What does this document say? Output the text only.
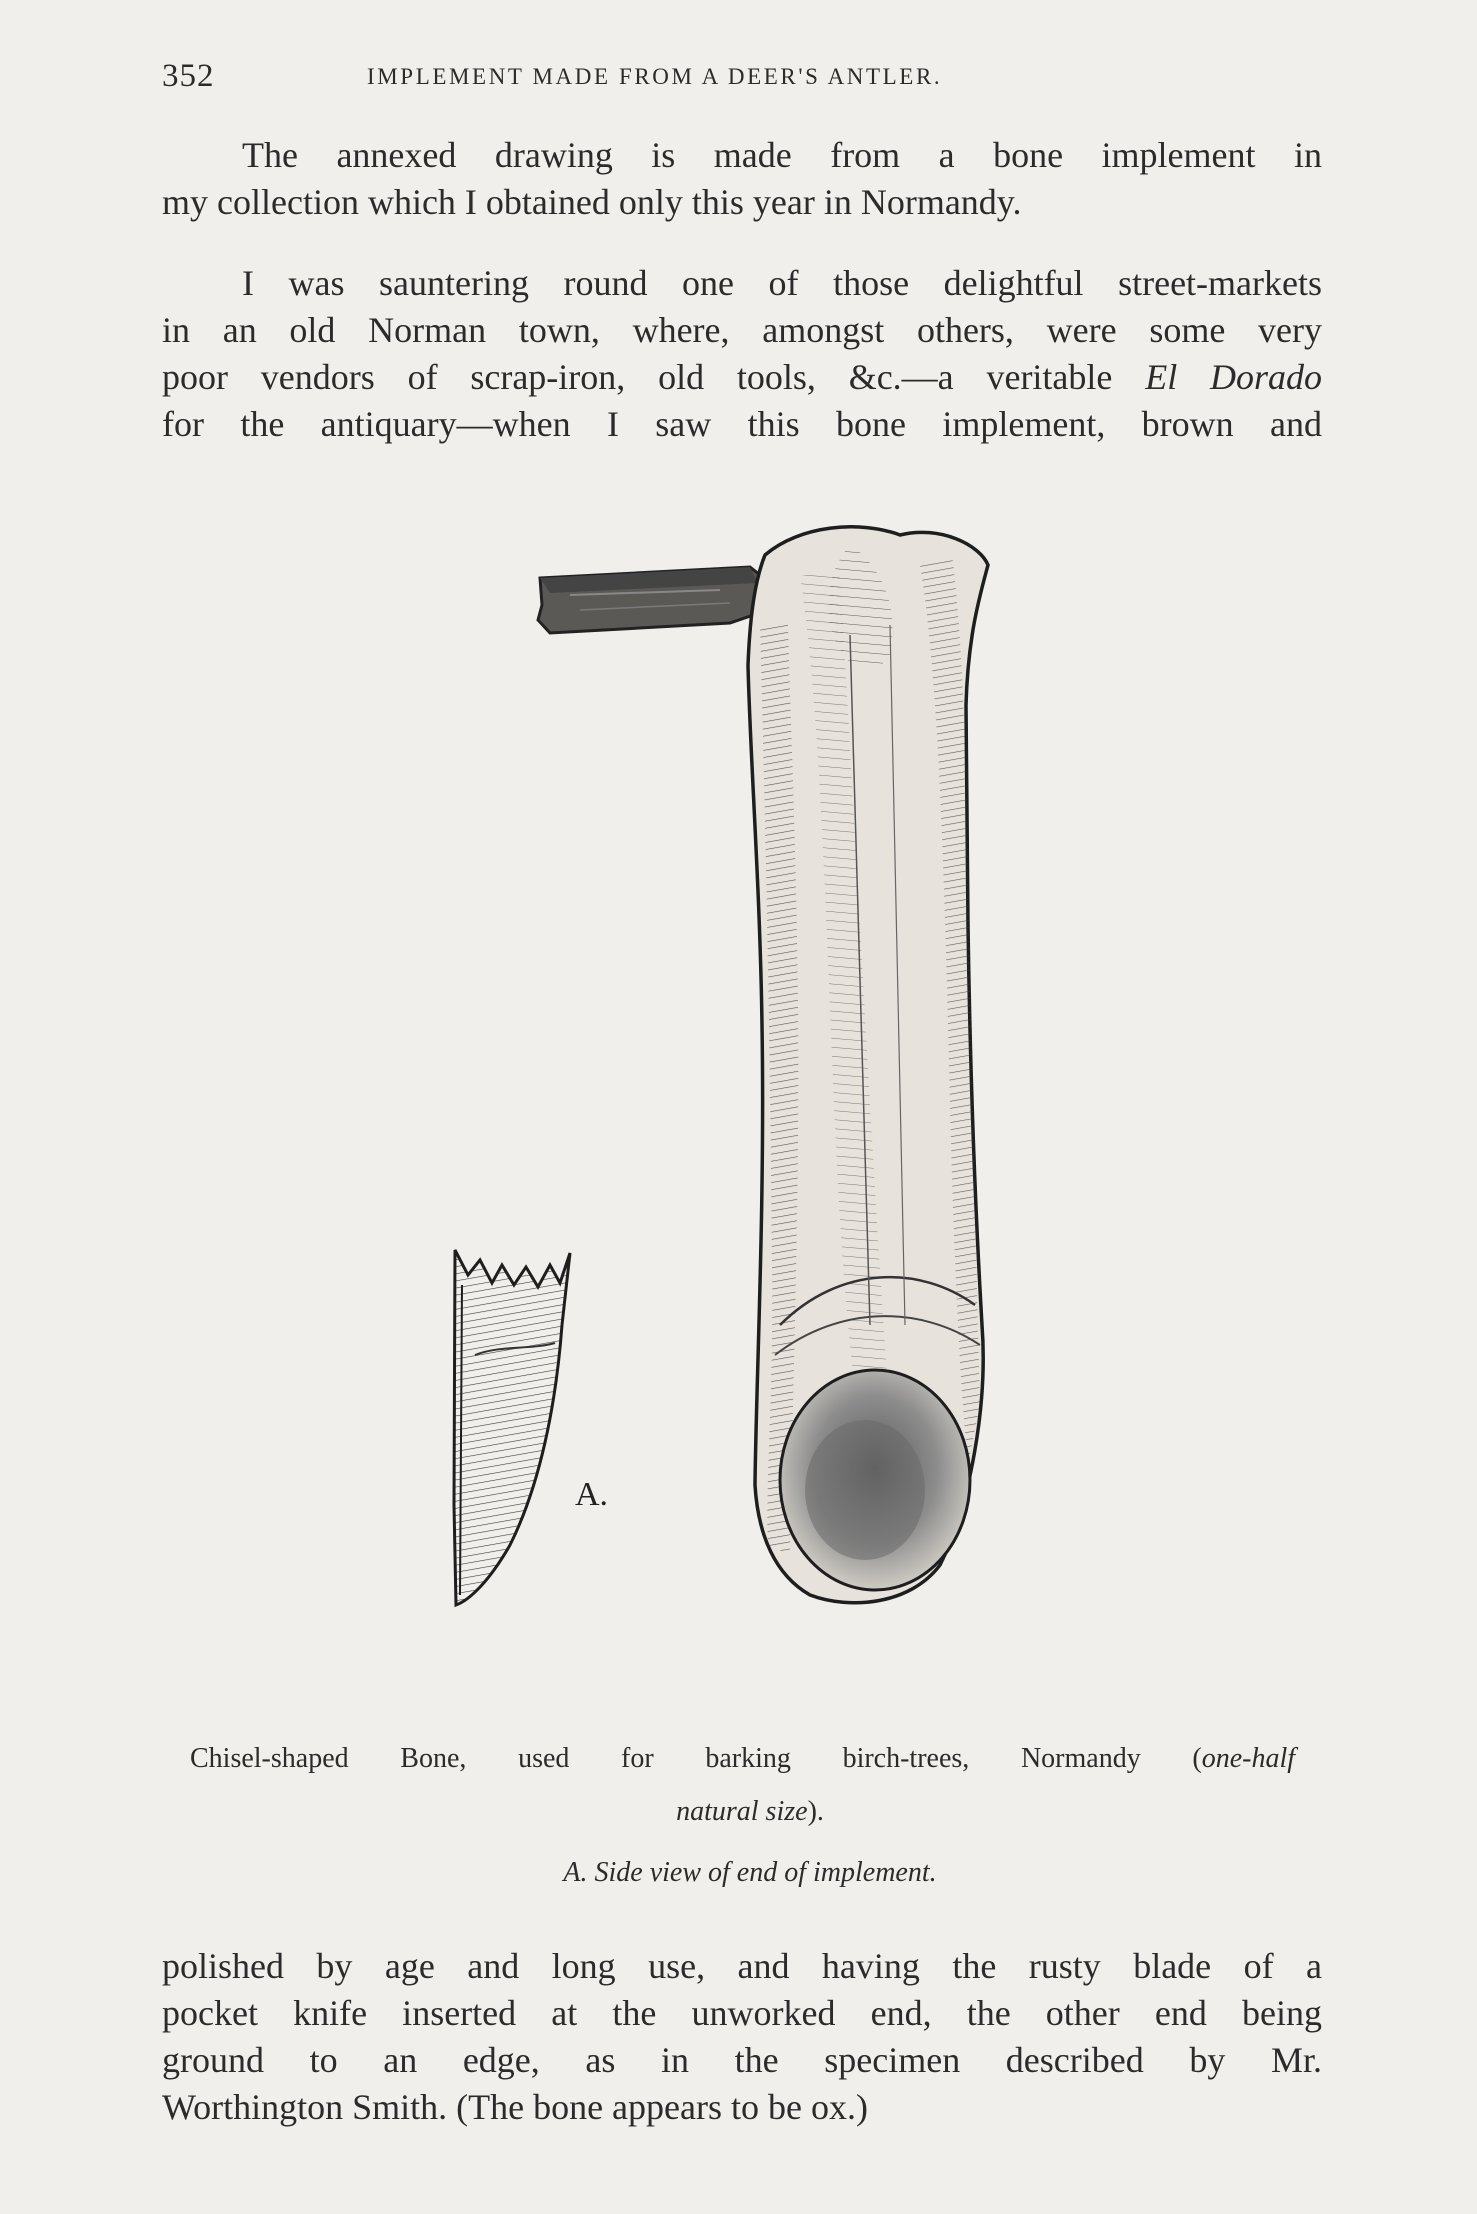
352	IMPLEMENT MADE FROM A DEER'S ANTLER.
The annexed drawing is made from a bone implement in
my collection which I obtained only this year in Normandy.
I was sauntering round one of those delightful street-markets
in an old Norman town, where, amongst others, were some very
poor vendors of scrap-iron, old tools, &c.—a veritable El Dorado
for the antiquary—when I saw this bone implement, brown and
A.

Chisel-shaped Bone, used for barking birch-trees, Normandy (one-half

natural size).

A. Side view of end of implement.

polished by age and long use, and having the rusty blade of a
pocket knife inserted at the unworked end, the other end being
ground to an edge, as in the specimen described by Mr.
Worthington Smith. (The bone appears to be ox.)
